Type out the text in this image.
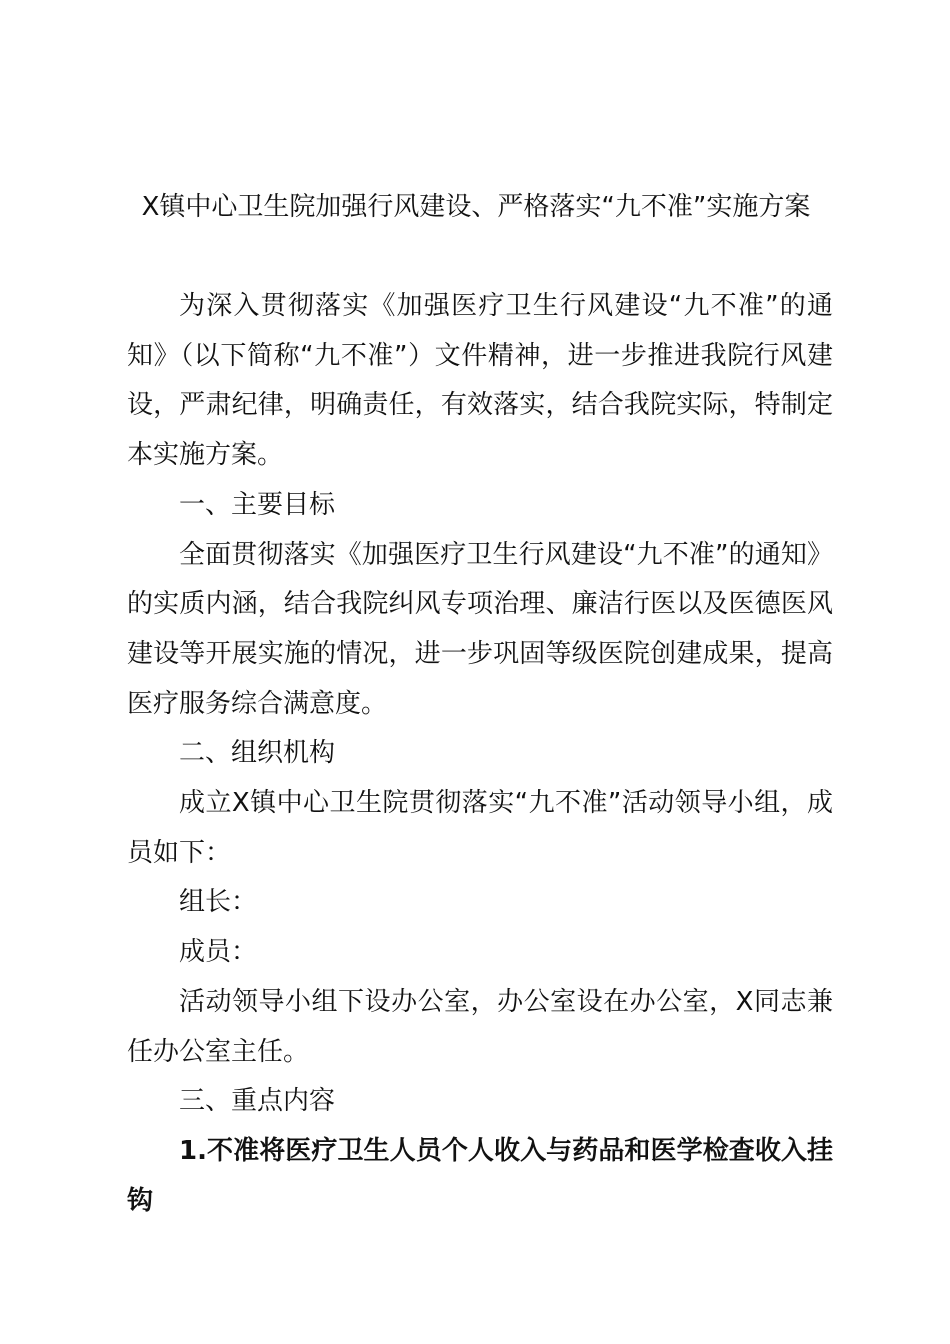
X镇中心卫生院加强行风建设、严格落实“九不准”实施方案

为深入贯彻落实《加强医疗卫生行风建设“九不准”的通知》（以下简称“九不准”）文件精神，进一步推进我院行风建设，严肃纪律，明确责任，有效落实，结合我院实际，特制定本实施方案。

一、主要目标

全面贯彻落实《加强医疗卫生行风建设“九不准”的通知》的实质内涵，结合我院纠风专项治理、廉洁行医以及医德医风建设等开展实施的情况，进一步巩固等级医院创建成果，提高医疗服务综合满意度。

二、组织机构

成立X镇中心卫生院贯彻落实“九不准”活动领导小组，成员如下：

组长：

成员：

活动领导小组下设办公室，办公室设在办公室，X同志兼任办公室主任。

三、重点内容

1.不准将医疗卫生人员个人收入与药品和医学检查收入挂钩
